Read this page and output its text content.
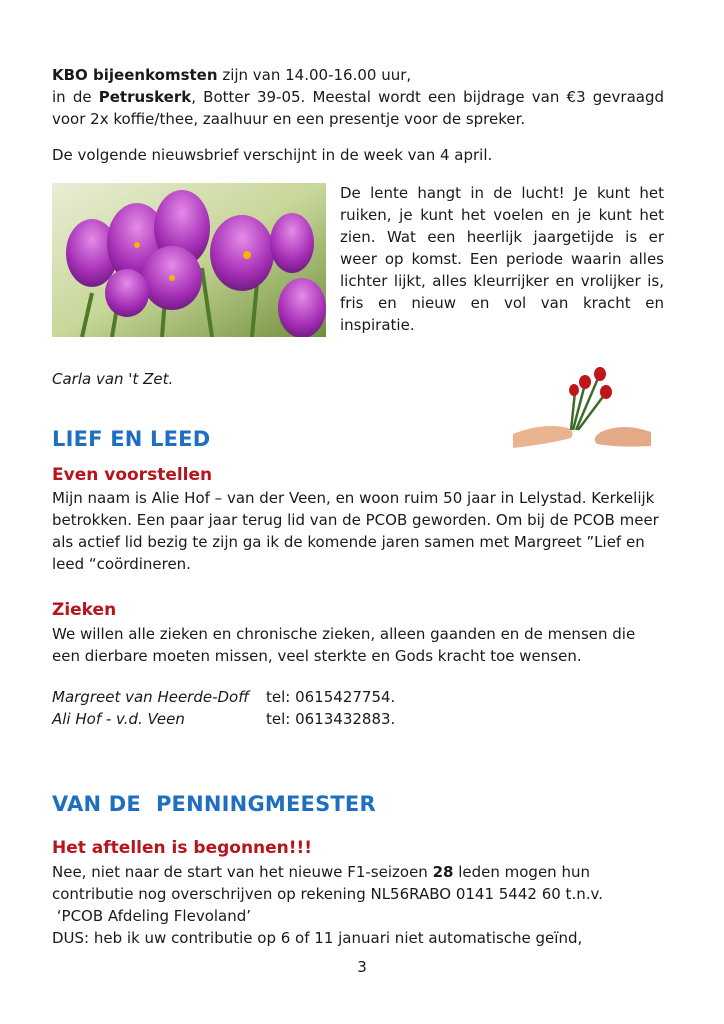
KBO bijeenkomsten zijn van 14.00-16.00 uur,
in de Petruskerk, Botter 39-05. Meestal wordt een bijdrage van €3 gevraagd voor 2x koffie/thee, zaalhuur en een presentje voor de spreker.

De volgende nieuwsbrief verschijnt in de week van 4 april.

De lente hangt in de lucht! Je kunt het ruiken, je kunt het voelen en je kunt het zien. Wat een heerlijk jaargetijde is er weer op komst. Een periode waarin alles lichter lijkt, alles kleurrijker en vrolijker is, fris en nieuw en vol van kracht en inspiratie.

Carla van 't Zet.

LIEF EN LEED
Even voorstellen

Mijn naam is Alie Hof – van der Veen, en woon ruim 50 jaar in Lelystad. Kerkelijk betrokken. Een paar jaar terug lid van de PCOB geworden. Om bij de PCOB meer als actief lid bezig te zijn ga ik de komende jaren samen met Margreet ”Lief en leed “coördineren.

Zieken

We willen alle zieken en chronische zieken, alleen gaanden en de mensen die een dierbare moeten missen, veel sterkte en Gods kracht toe wensen.

Margreet van Heerde-Doff tel: 0615427754.
Ali Hof - v.d. Veen	tel: 0613432883.
VAN DE  PENNINGMEESTER
Het aftellen is begonnen!!!

Nee, niet naar de start van het nieuwe F1-seizoen 28 leden mogen hun
contributie nog overschrijven op rekening NL56RABO 0141 5442 60 t.n.v.
‘PCOB Afdeling Flevoland’
DUS: heb ik uw contributie op 6 of 11 januari niet automatische geïnd,

3
